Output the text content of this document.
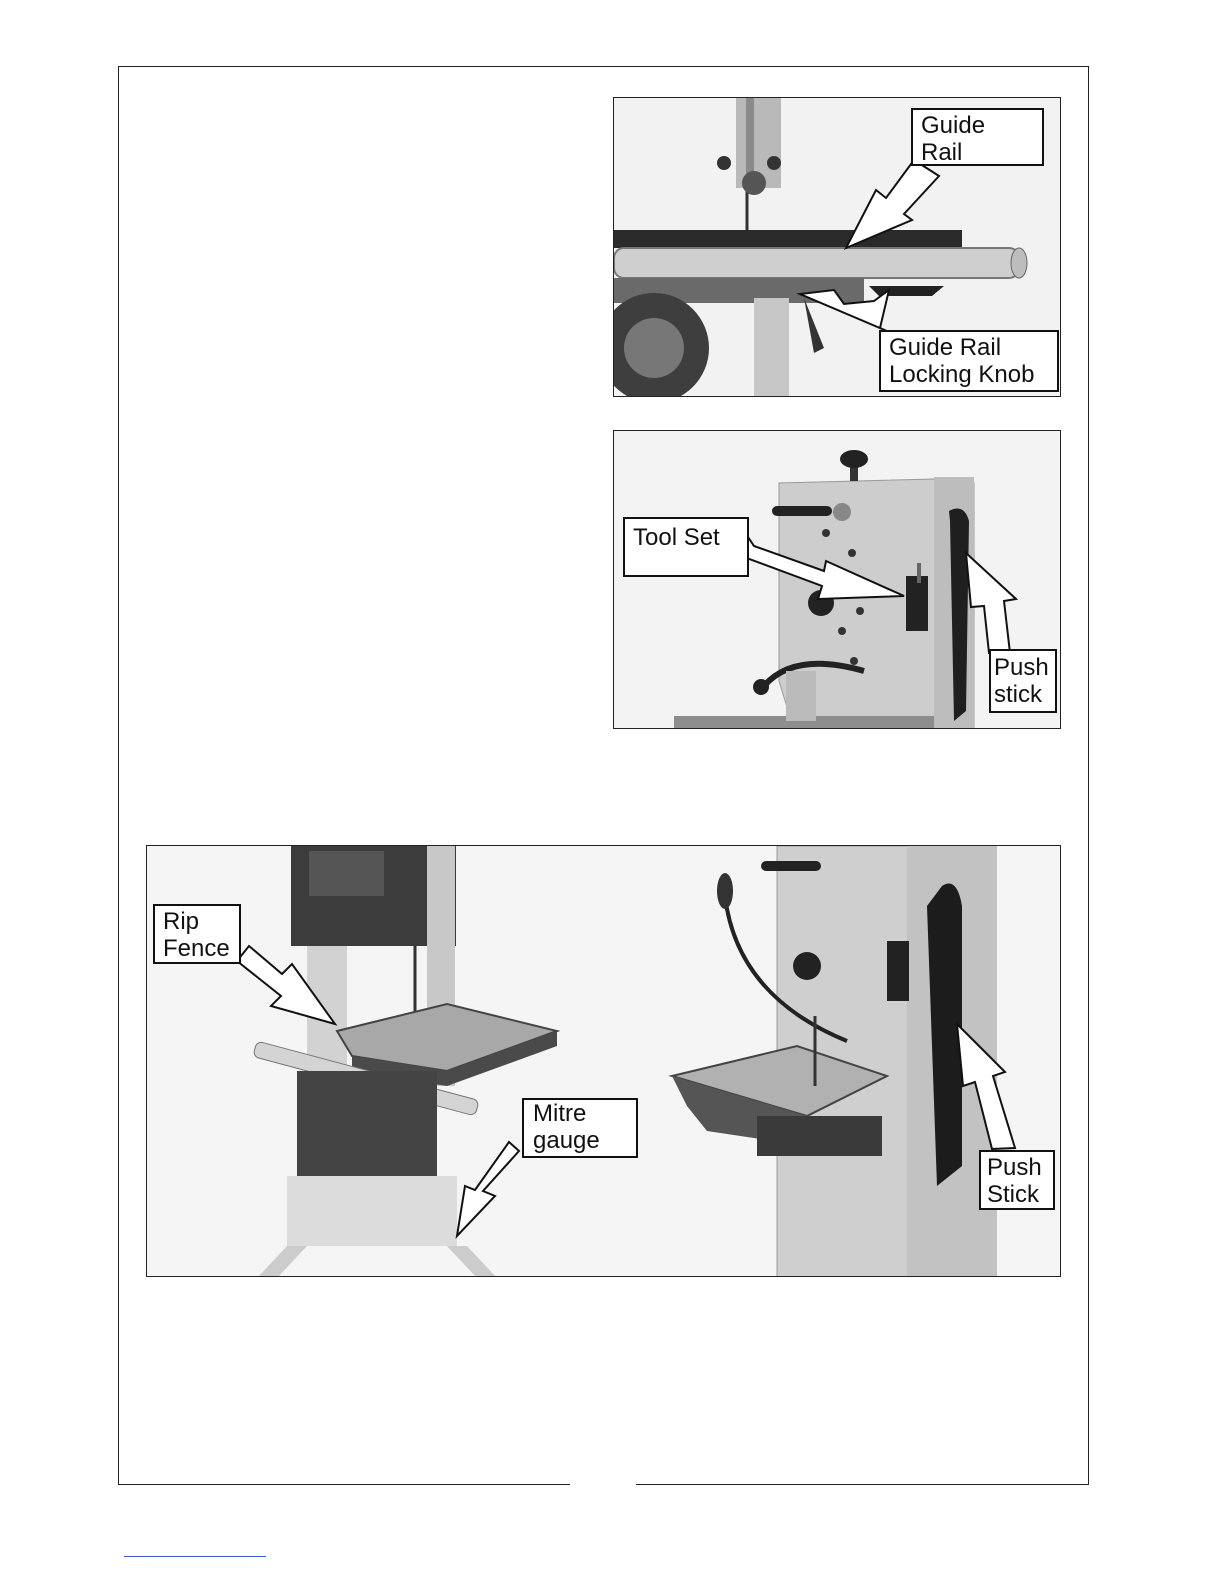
Guide
Rail
Guide Rail
Locking Knob
Tool Set
Push
stick
Rip
Fence
Mitre
gauge
Push
Stick
